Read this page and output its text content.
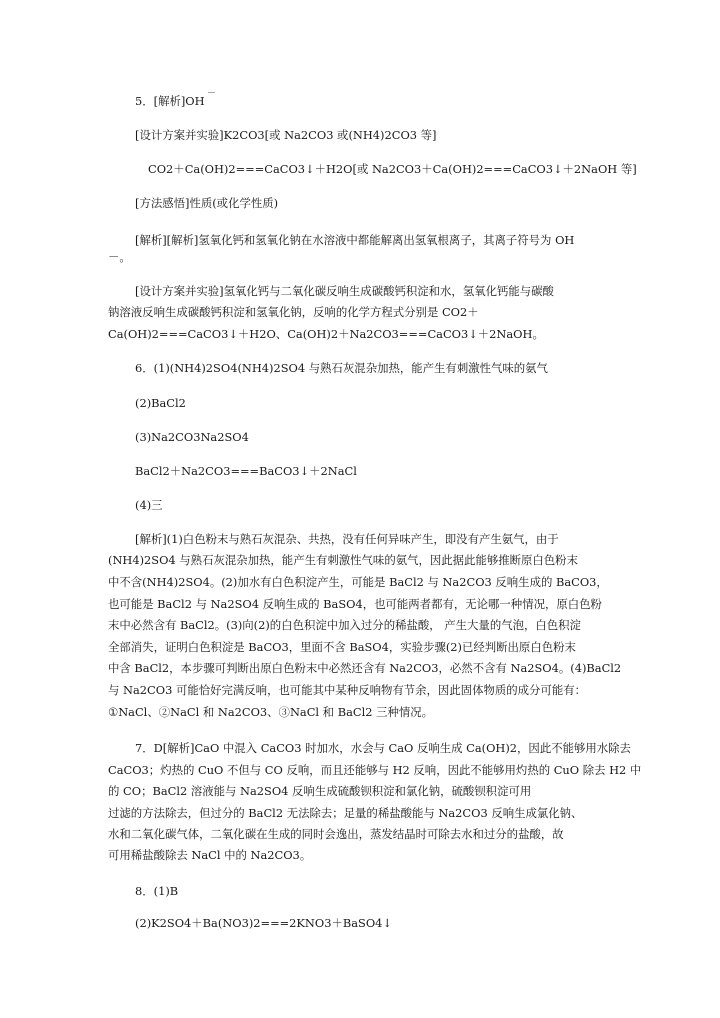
5．[解析]OH －
[设计方案并实验]K2CO3[或 Na2CO3 或(NH4)2CO3 等]
CO2＋Ca(OH)2===CaCO3↓＋H2O[或 Na2CO3＋Ca(OH)2===CaCO3↓＋2NaOH 等]
[方法感悟]性质(或化学性质)
[解析][解析]氢氧化钙和氢氧化钠在水溶液中都能解离出氢氧根离子，其离子符号为 OH
－。
[设计方案并实验]氢氧化钙与二氧化碳反响生成碳酸钙积淀和水，氢氧化钙能与碳酸
钠溶液反响生成碳酸钙积淀和氢氧化钠，反响的化学方程式分别是 CO2＋
Ca(OH)2===CaCO3↓＋H2O、Ca(OH)2＋Na2CO3===CaCO3↓＋2NaOH。
6．(1)(NH4)2SO4(NH4)2SO4 与熟石灰混杂加热，能产生有刺激性气味的氨气
(2)BaCl2
(3)Na2CO3Na2SO4
BaCl2＋Na2CO3===BaCO3↓＋2NaCl
(4)三
[解析](1)白色粉末与熟石灰混杂、共热，没有任何异味产生，即没有产生氨气，由于
(NH4)2SO4 与熟石灰混杂加热，能产生有刺激性气味的氨气，因此据此能够推断原白色粉末
中不含(NH4)2SO4。(2)加水有白色积淀产生，可能是 BaCl2 与 Na2CO3 反响生成的 BaCO3，
也可能是 BaCl2 与 Na2SO4 反响生成的 BaSO4，也可能两者都有，无论哪一种情况，原白色粉
末中必然含有 BaCl2。(3)向(2)的白色积淀中加入过分的稀盐酸， 产生大量的气泡，白色积淀
全部消失，证明白色积淀是 BaCO3，里面不含 BaSO4，实验步骤(2)已经判断出原白色粉末
中含 BaCl2，本步骤可判断出原白色粉末中必然还含有 Na2CO3，必然不含有 Na2SO4。(4)BaCl2
与 Na2CO3 可能恰好完满反响，也可能其中某种反响物有节余，因此固体物质的成分可能有：
①NaCl、②NaCl 和 Na2CO3、③NaCl 和 BaCl2 三种情况。
7．D[解析]CaO 中混入 CaCO3 时加水，水会与 CaO 反响生成 Ca(OH)2，因此不能够用水除去
CaCO3；灼热的 CuO 不但与 CO 反响，而且还能够与 H2 反响，因此不能够用灼热的 CuO 除去 H2 中
的 CO；BaCl2 溶液能与 Na2SO4 反响生成硫酸钡积淀和氯化钠，硫酸钡积淀可用
过滤的方法除去，但过分的 BaCl2 无法除去；足量的稀盐酸能与 Na2CO3 反响生成氯化钠、
水和二氧化碳气体，二氧化碳在生成的同时会逸出，蒸发结晶时可除去水和过分的盐酸，故
可用稀盐酸除去 NaCl 中的 Na2CO3。
8．(1)B
(2)K2SO4＋Ba(NO3)2===2KNO3＋BaSO4↓
